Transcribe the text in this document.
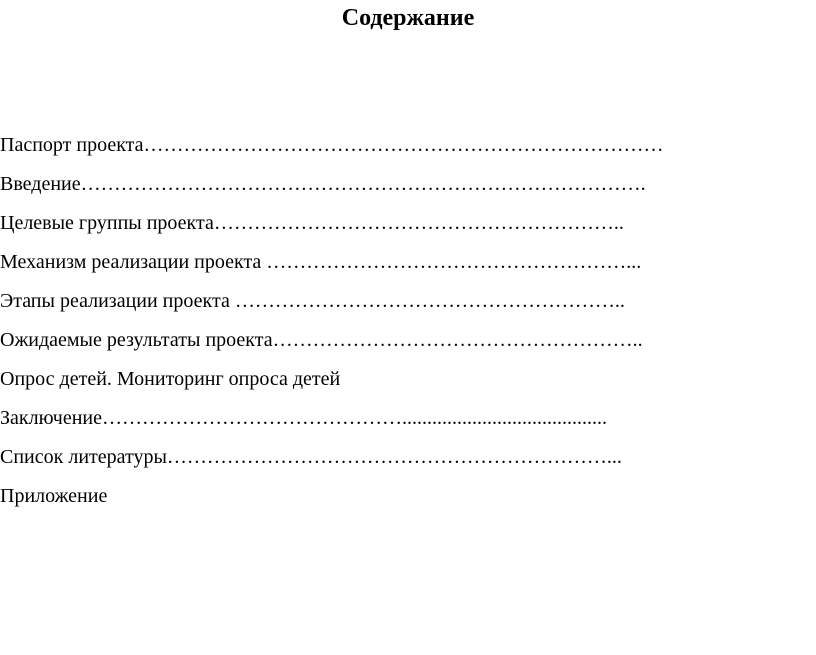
Содержание
Паспорт проекта……………………………………………………………………
Введение………………………………………………………………………….
Целевые группы проекта……………………………………………………..
Механизм реализации проекта ………………………………………………...
Этапы реализации проекта …………………………………………………..
Ожидаемые результаты проекта………………………………………………..
Опрос детей. Мониторинг опроса детей
Заключение……………………………………….........................................
Список литературы…………………………………………………………...
Приложение
